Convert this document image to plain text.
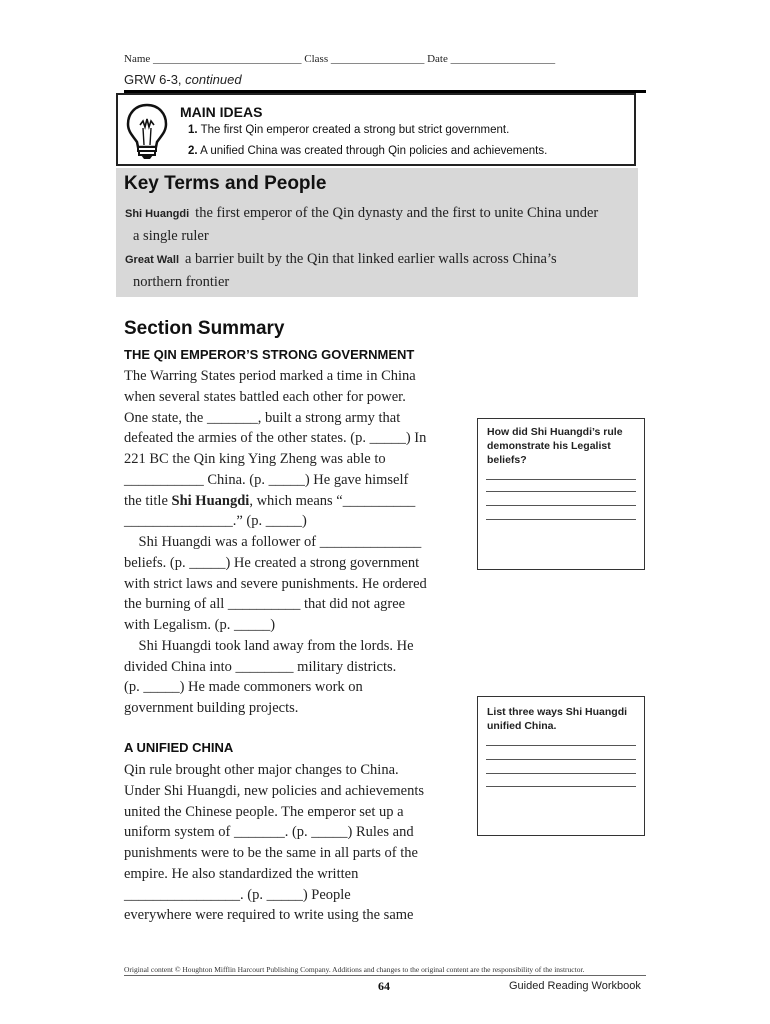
Name ___________________________ Class _________________ Date ___________________
GRW 6-3, continued
MAIN IDEAS
1. The first Qin emperor created a strong but strict government.
2. A unified China was created through Qin policies and achievements.
Key Terms and People
Shi Huangdi the first emperor of the Qin dynasty and the first to unite China under
a single ruler
Great Wall a barrier built by the Qin that linked earlier walls across China’s
northern frontier
Section Summary
THE QIN EMPEROR’S STRONG GOVERNMENT
The Warring States period marked a time in China
when several states battled each other for power.
One state, the _______, built a strong army that
defeated the armies of the other states. (p. _____) In
221 BC the Qin king Ying Zheng was able to
___________ China. (p. _____) He gave himself
the title Shi Huangdi, which means “__________
_______________.” (p. _____)
Shi Huangdi was a follower of ______________
beliefs. (p. _____) He created a strong government
with strict laws and severe punishments. He ordered
the burning of all __________ that did not agree
with Legalism. (p. _____)
Shi Huangdi took land away from the lords. He
divided China into ________ military districts.
(p. _____) He made commoners work on
government building projects.
A UNIFIED CHINA
Qin rule brought other major changes to China.
Under Shi Huangdi, new policies and achievements
united the Chinese people. The emperor set up a
uniform system of _______. (p. _____) Rules and
punishments were to be the same in all parts of the
empire. He also standardized the written
________________. (p. _____) People
everywhere were required to write using the same
How did Shi Huangdi’s rule demonstrate his Legalist beliefs?
List three ways Shi Huangdi unified China.
Original content © Houghton Mifflin Harcourt Publishing Company. Additions and changes to the original content are the responsibility of the instructor.
64	Guided Reading Workbook
